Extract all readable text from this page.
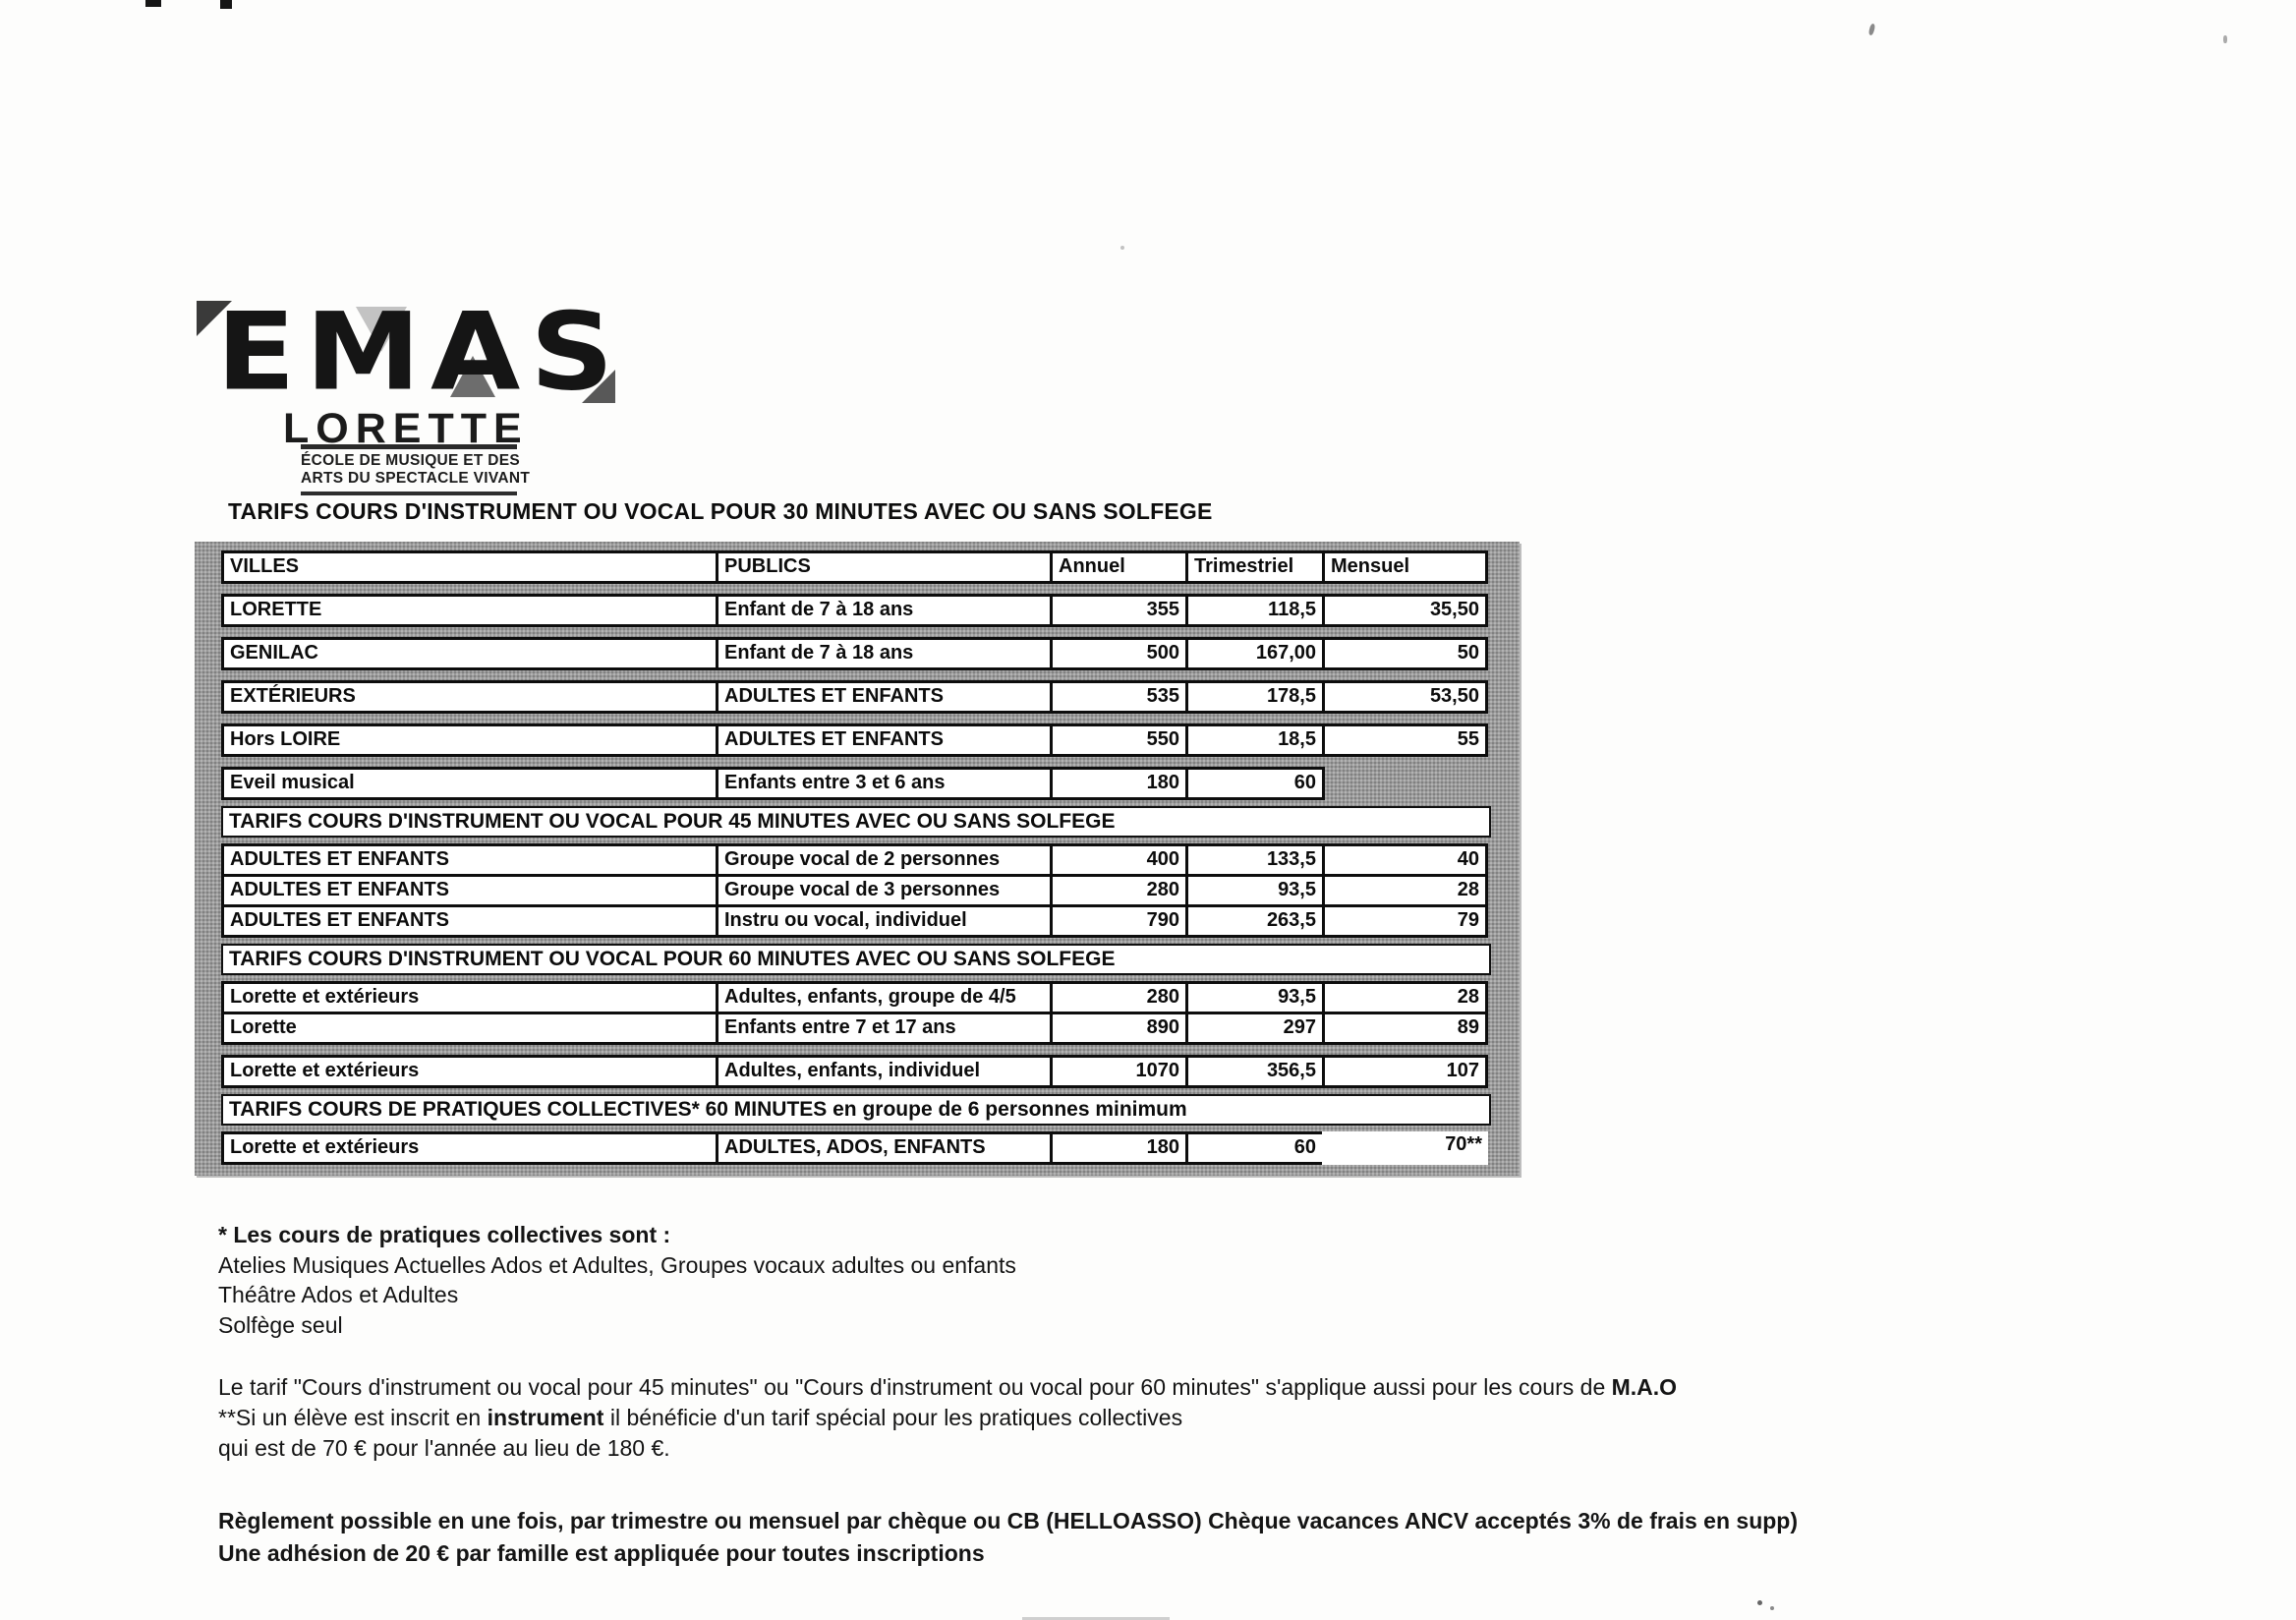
EMAS
LORETTE
ÉCOLE DE MUSIQUE ET DES
ARTS DU SPECTACLE VIVANT
TARIFS COURS D'INSTRUMENT OU VOCAL POUR 30 MINUTES AVEC OU SANS SOLFEGE
VILLES	PUBLICS	Annuel	Trimestriel	Mensuel
LORETTE	Enfant de 7 à 18 ans	355	118,5	35,50
GENILAC	Enfant de 7 à 18 ans	500	167,00	50
EXTÉRIEURS	ADULTES ET ENFANTS	535	178,5	53,50
Hors LOIRE	ADULTES ET ENFANTS	550	18,5	55
Eveil musical	Enfants entre 3 et 6 ans	180	60
TARIFS COURS D'INSTRUMENT OU VOCAL POUR 45 MINUTES AVEC OU SANS SOLFEGE
ADULTES ET ENFANTS	Groupe vocal de 2 personnes	400	133,5	40
ADULTES ET ENFANTS	Groupe vocal de 3 personnes	280	93,5	28
ADULTES ET ENFANTS	Instru ou vocal, individuel	790	263,5	79
TARIFS COURS D'INSTRUMENT OU VOCAL POUR 60 MINUTES AVEC OU SANS SOLFEGE
Lorette et extérieurs	Adultes, enfants, groupe de 4/5	280	93,5	28
Lorette	Enfants entre 7 et 17 ans	890	297	89
Lorette et extérieurs	Adultes, enfants, individuel	1070	356,5	107
TARIFS COURS DE PRATIQUES COLLECTIVES* 60 MINUTES en groupe de 6 personnes minimum
Lorette et extérieurs	ADULTES, ADOS, ENFANTS	180	60	70**
* Les cours de pratiques collectives sont :
Atelies Musiques Actuelles Ados et Adultes, Groupes vocaux adultes ou enfants
Théâtre Ados et Adultes
Solfège seul
Le tarif "Cours d'instrument ou vocal pour 45 minutes" ou "Cours d'instrument ou vocal pour 60 minutes" s'applique aussi pour les cours de M.A.O
**Si un élève est inscrit en instrument il bénéficie d'un tarif spécial pour les pratiques collectives
qui est de 70 € pour l'année au lieu de 180 €.
Règlement possible en une fois, par trimestre ou mensuel par chèque ou CB (HELLOASSO) Chèque vacances ANCV acceptés 3% de frais en supp)
Une adhésion de 20 € par famille est appliquée pour toutes inscriptions
